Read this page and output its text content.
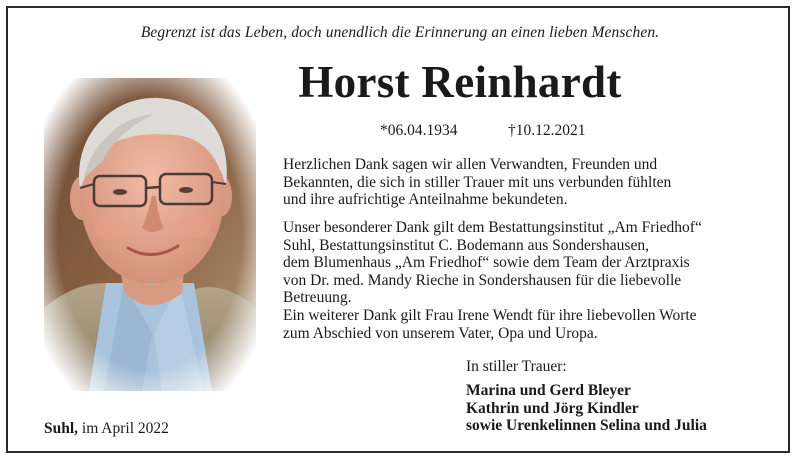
Begrenzt ist das Leben, doch unendlich die Erinnerung an einen lieben Menschen.
Horst Reinhardt
*06.04.1934	†10.12.2021
Herzlichen Dank sagen wir allen Verwandten, Freunden und
Bekannten, die sich in stiller Trauer mit uns verbunden fühlten
und ihre aufrichtige Anteilnahme bekundeten.
Unser besonderer Dank gilt dem Bestattungsinstitut „Am Friedhof“
Suhl, Bestattungsinstitut C. Bodemann aus Sondershausen,
dem Blumenhaus „Am Friedhof“ sowie dem Team der Arztpraxis
von Dr. med. Mandy Rieche in Sondershausen für die liebevolle
Betreuung.
Ein weiterer Dank gilt Frau Irene Wendt für ihre liebevollen Worte
zum Abschied von unserem Vater, Opa und Uropa.
Suhl, im April 2022
In stiller Trauer:
Marina und Gerd Bleyer
Kathrin und Jörg Kindler
sowie Urenkelinnen Selina und Julia
